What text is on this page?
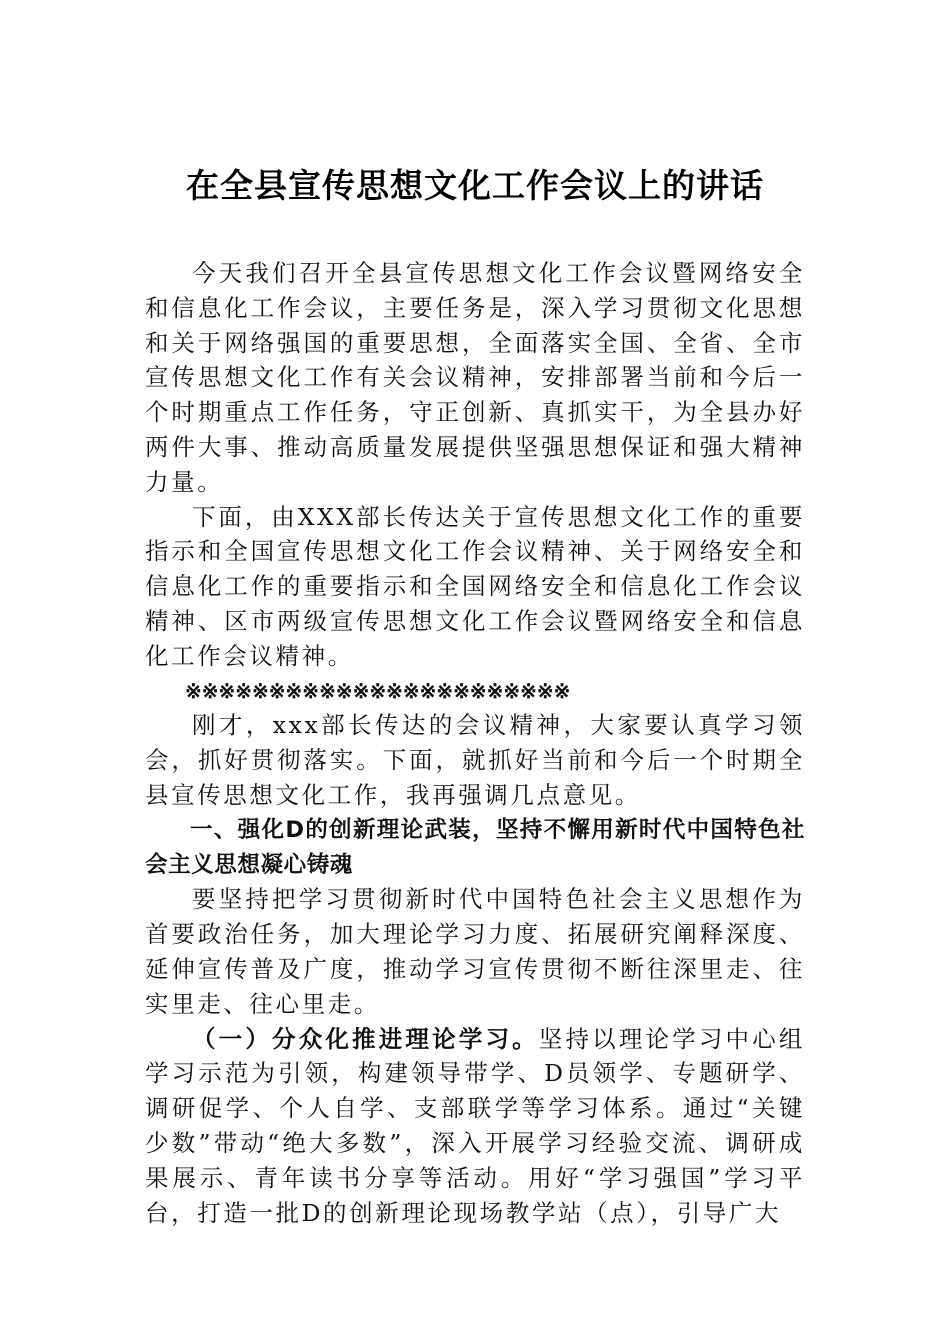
在全县宣传思想文化工作会议上的讲话

今天我们召开全县宣传思想文化工作会议暨网络安全和信息化工作会议，主要任务是，深入学习贯彻文化思想和关于网络强国的重要思想，全面落实全国、全省、全市宣传思想文化工作有关会议精神，安排部署当前和今后一个时期重点工作任务，守正创新、真抓实干，为全县办好两件大事、推动高质量发展提供坚强思想保证和强大精神力量。

下面，由XXX部长传达关于宣传思想文化工作的重要指示和全国宣传思想文化工作会议精神、关于网络安全和信息化工作的重要指示和全国网络安全和信息化工作会议精神、区市两级宣传思想文化工作会议暨网络安全和信息化工作会议精神。

※※※※※※※※※※※※※※※※※※※※※※※

刚才，xxx部长传达的会议精神，大家要认真学习领会，抓好贯彻落实。下面，就抓好当前和今后一个时期全县宣传思想文化工作，我再强调几点意见。

一、强化D的创新理论武装，坚持不懈用新时代中国特色社会主义思想凝心铸魂

要坚持把学习贯彻新时代中国特色社会主义思想作为首要政治任务，加大理论学习力度、拓展研究阐释深度、延伸宣传普及广度，推动学习宣传贯彻不断往深里走、往实里走、往心里走。

（一）分众化推进理论学习。坚持以理论学习中心组学习示范为引领，构建领导带学、D员领学、专题研学、调研促学、个人自学、支部联学等学习体系。通过“关键少数”带动“绝大多数”，深入开展学习经验交流、调研成果展示、青年读书分享等活动。用好“学习强国”学习平台，打造一批D的创新理论现场教学站（点），引导广大
